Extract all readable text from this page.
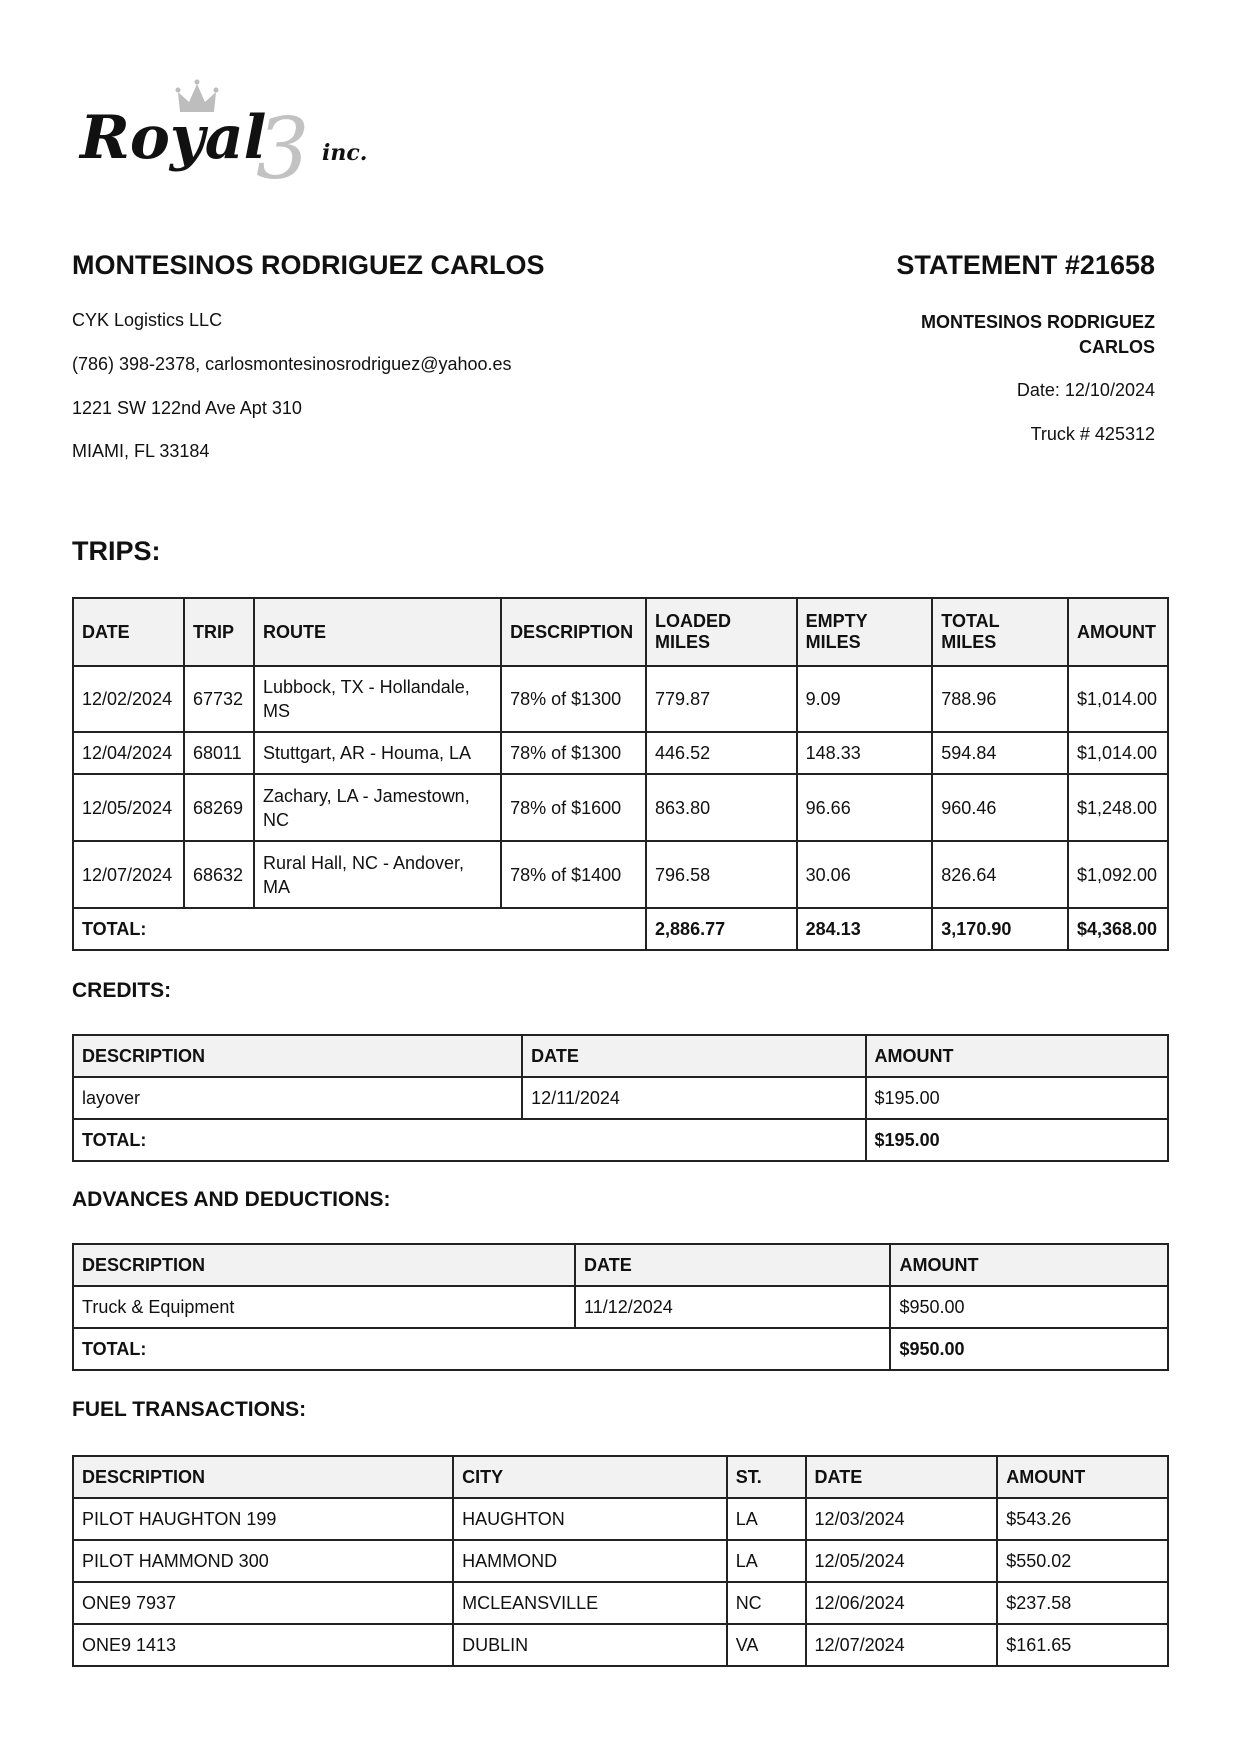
3
Royal	inc.
MONTESINOS RODRIGUEZ CARLOS
CYK Logistics LLC
(786) 398-2378, carlosmontesinosrodriguez@yahoo.es
1221 SW 122nd Ave Apt 310
MIAMI, FL 33184
STATEMENT #21658
MONTESINOS RODRIGUEZ CARLOS
Date: 12/10/2024
Truck # 425312
TRIPS:
DATE	TRIP	ROUTE	DESCRIPTION	LOADED MILES	EMPTY MILES	TOTAL MILES	AMOUNT
12/02/2024	67732	Lubbock, TX - Hollandale, MS	78% of $1300	779.87	9.09	788.96	$1,014.00
12/04/2024	68011	Stuttgart, AR - Houma, LA	78% of $1300	446.52	148.33	594.84	$1,014.00
12/05/2024	68269	Zachary, LA - Jamestown, NC	78% of $1600	863.80	96.66	960.46	$1,248.00
12/07/2024	68632	Rural Hall, NC - Andover, MA	78% of $1400	796.58	30.06	826.64	$1,092.00
TOTAL:				2,886.77	284.13	3,170.90	$4,368.00
CREDITS:
DESCRIPTION	DATE	AMOUNT
layover	12/11/2024	$195.00
TOTAL:		$195.00
ADVANCES AND DEDUCTIONS:
DESCRIPTION	DATE	AMOUNT
Truck & Equipment	11/12/2024	$950.00
TOTAL:		$950.00
FUEL TRANSACTIONS:
DESCRIPTION	CITY	ST.	DATE	AMOUNT
PILOT HAUGHTON 199	HAUGHTON	LA	12/03/2024	$543.26
PILOT HAMMOND 300	HAMMOND	LA	12/05/2024	$550.02
ONE9 7937	MCLEANSVILLE	NC	12/06/2024	$237.58
ONE9 1413	DUBLIN	VA	12/07/2024	$161.65
